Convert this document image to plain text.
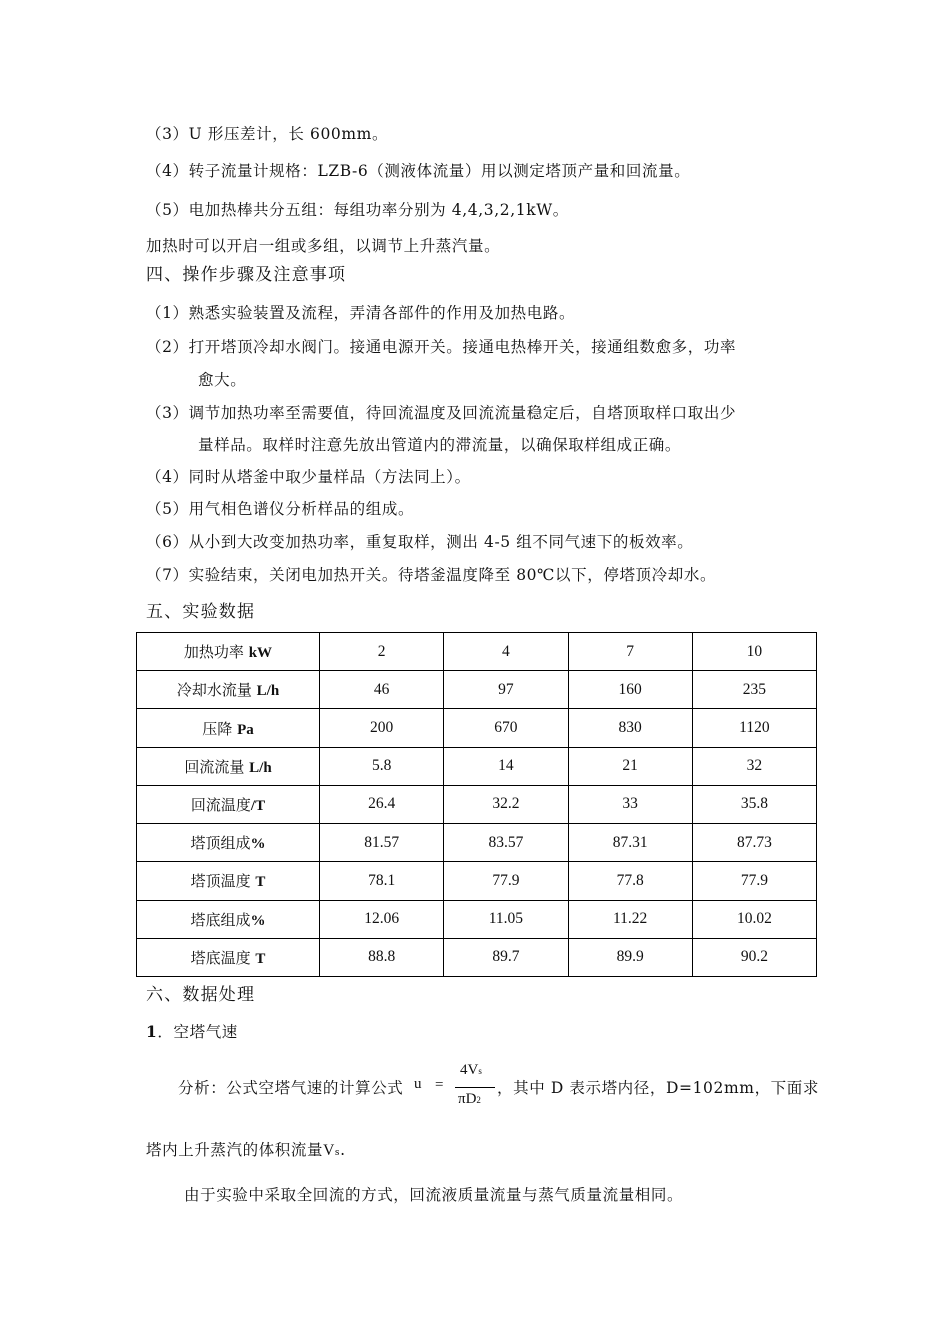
（3）U 形压差计，长 600mm。
（4）转子流量计规格：LZB-6（测液体流量）用以测定塔顶产量和回流量。
（5）电加热棒共分五组：每组功率分别为 4,4,3,2,1kW。
加热时可以开启一组或多组，以调节上升蒸汽量。
四、操作步骤及注意事项
（1）熟悉实验装置及流程，弄清各部件的作用及加热电路。
（2）打开塔顶冷却水阀门。接通电源开关。接通电热棒开关，接通组数愈多，功率
愈大。
（3）调节加热功率至需要值，待回流温度及回流流量稳定后，自塔顶取样口取出少
量样品。取样时注意先放出管道内的滞流量，以确保取样组成正确。
（4）同时从塔釜中取少量样品（方法同上）。
（5）用气相色谱仪分析样品的组成。
（6）从小到大改变加热功率，重复取样，测出 4-5 组不同气速下的板效率。
（7）实验结束，关闭电加热开关。待塔釜温度降至 80℃以下，停塔顶冷却水。
五、实验数据
加热功率 kW	2	4	7	10
冷却水流量 L/h	46	97	160	235
压降 Pa	200	670	830	1120
回流流量 L/h	5.8	14	21	32
回流温度/T	26.4	32.2	33	35.8
塔顶组成%	81.57	83.57	87.31	87.73
塔顶温度 T	78.1	77.9	77.8	77.9
塔底组成%	12.06	11.05	11.22	10.02
塔底温度 T	88.8	89.7	89.9	90.2
六、数据处理
1．空塔气速
分析：公式空塔气速的计算公式 u =
4Vs
πD2
，其中 D 表示塔内径，D=102mm，下面求
塔内上升蒸汽的体积流量Vs.
由于实验中采取全回流的方式，回流液质量流量与蒸气质量流量相同。
